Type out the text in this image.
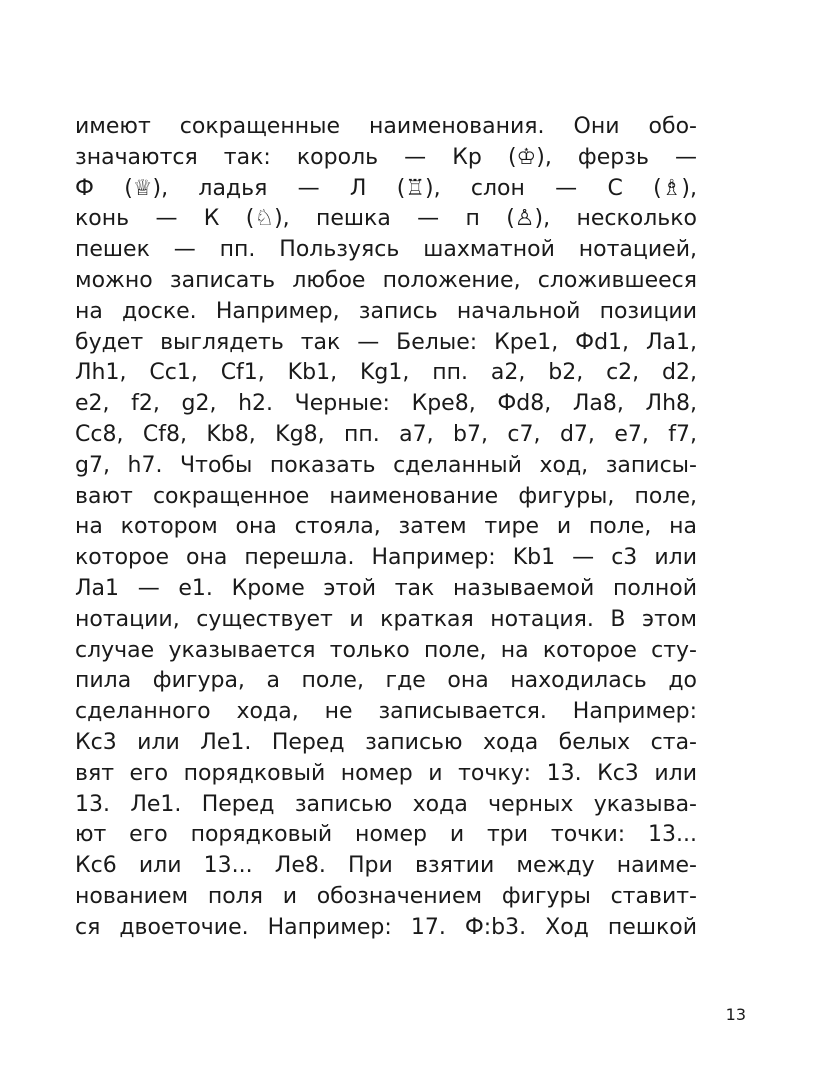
имеют сокращенные наименования. Они обо-
значаются так: король — Кр (♔), ферзь —
Ф (♕), ладья — Л (♖), слон — С (♗),
конь — К (♘), пешка — п (♙), несколько
пешек — пп. Пользуясь шахматной нотацией,
можно записать любое положение, сложившееся
на доске. Например, запись начальной позиции
будет выглядеть так — Белые: Кре1, Фd1, Ла1,
Лh1, Сс1, Сf1, Kb1, Kg1, пп. а2, b2, с2, d2,
е2, f2, g2, h2. Черные: Кре8, Фd8, Ла8, Лh8,
Сс8, Сf8, Kb8, Kg8, пп. а7, b7, с7, d7, е7, f7,
g7, h7. Чтобы показать сделанный ход, записы-
вают сокращенное наименование фигуры, поле,
на котором она стояла, затем тире и поле, на
которое она перешла. Например: Kb1 — с3 или
Ла1 — е1. Кроме этой так называемой полной
нотации, существует и краткая нотация. В этом
случае указывается только поле, на которое сту-
пила фигура, а поле, где она находилась до
сделанного хода, не записывается. Например:
Кс3 или Ле1. Перед записью хода белых ста-
вят его порядковый номер и точку: 13. Кс3 или
13. Ле1. Перед записью хода черных указыва-
ют его порядковый номер и три точки: 13...
Кс6 или 13... Ле8. При взятии между наиме-
нованием поля и обозначением фигуры ставит-
ся двоеточие. Например: 17. Ф:b3. Ход пешкой
13
